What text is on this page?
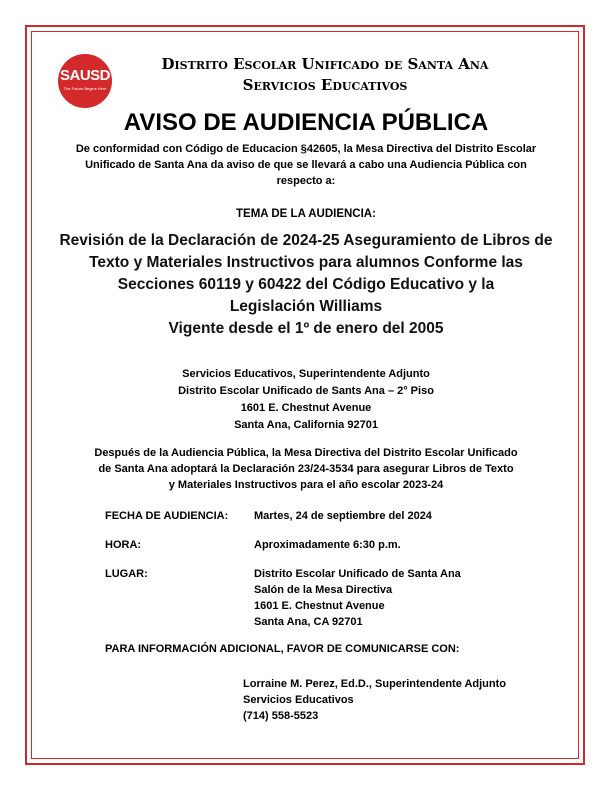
SAUSD
The Future Begins Here
Distrito Escolar Unificado de Santa Ana
Servicios Educativos
AVISO DE AUDIENCIA PÚBLICA
De conformidad con Código de Educacion §42605, la Mesa Directiva del Distrito Escolar
Unificado de Santa Ana da aviso de que se llevará a cabo una Audiencia Pública con
respecto a:
TEMA DE LA AUDIENCIA:
Revisión de la Declaración de 2024-25 Aseguramiento de Libros de
Texto y Materiales Instructivos para alumnos Conforme las
Secciones 60119 y 60422 del Código Educativo y la
Legislación Williams
Vigente desde el 1º de enero del 2005
Servicios Educativos, Superintendente Adjunto
Distrito Escolar Unificado de Sants Ana – 2° Piso
1601 E. Chestnut Avenue
Santa Ana, California 92701
Después de la Audiencia Pública, la Mesa Directiva del Distrito Escolar Unificado
de Santa Ana adoptará la Declaración 23/24-3534 para asegurar Libros de Texto
y Materiales Instructivos para el año escolar 2023-24
FECHA DE AUDIENCIA: Martes, 24 de septiembre del 2024
HORA:	Aproximadamente 6:30 p.m.
LUGAR:	Distrito Escolar Unificado de Santa Ana
Salón de la Mesa Directiva
1601 E. Chestnut Avenue
Santa Ana, CA 92701
PARA INFORMACIÓN ADICIONAL, FAVOR DE COMUNICARSE CON:
Lorraine M. Perez, Ed.D., Superintendente Adjunto
Servicios Educativos
(714) 558-5523
